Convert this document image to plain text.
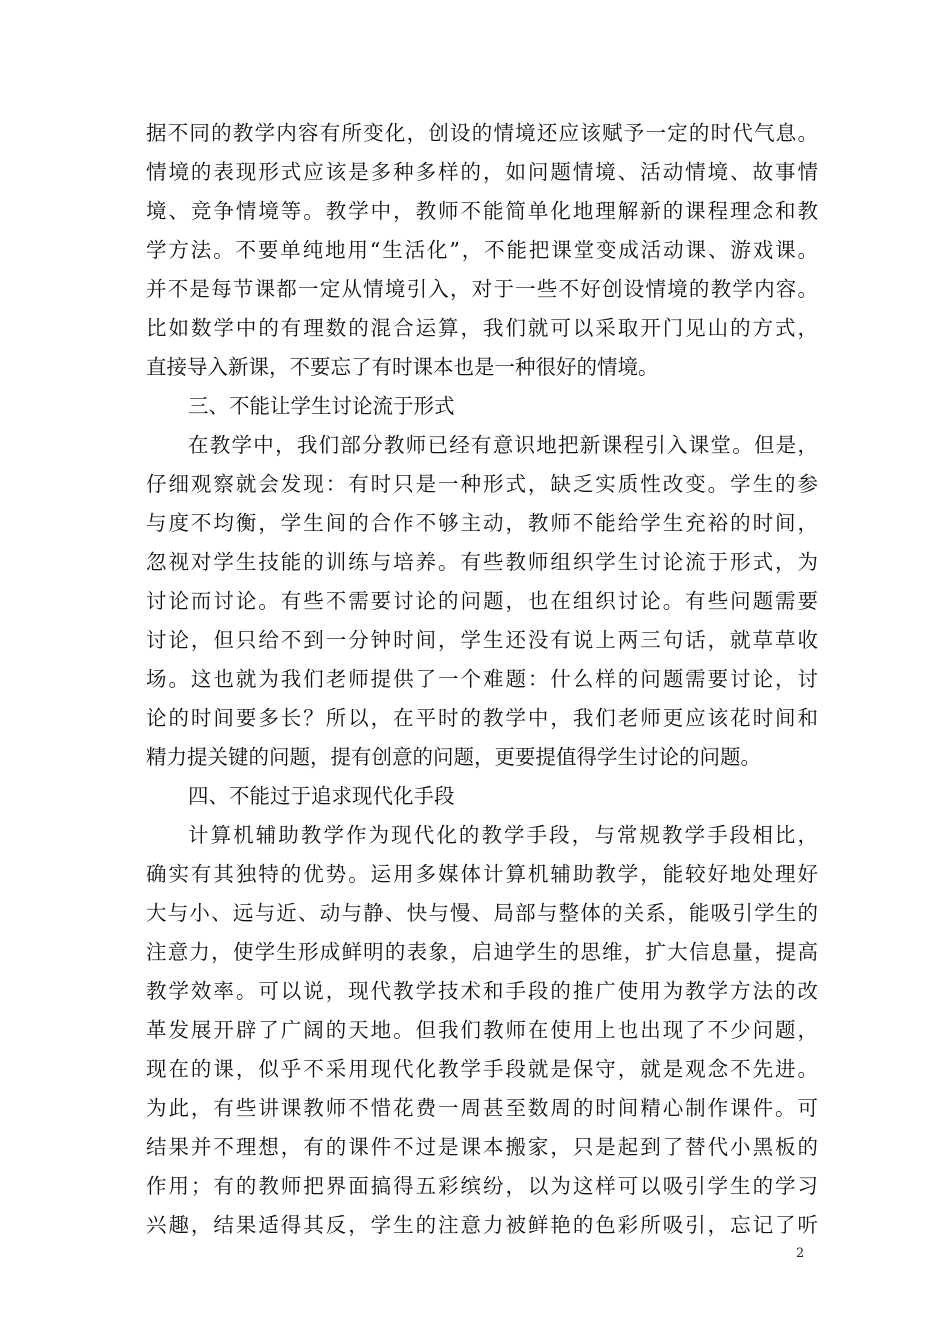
据不同的教学内容有所变化，创设的情境还应该赋予一定的时代气息。
情境的表现形式应该是多种多样的，如问题情境、活动情境、故事情
境、竞争情境等。教学中，教师不能简单化地理解新的课程理念和教
学方法。不要单纯地用“生活化”，不能把课堂变成活动课、游戏课。
并不是每节课都一定从情境引入，对于一些不好创设情境的教学内容。
比如数学中的有理数的混合运算，我们就可以采取开门见山的方式，
直接导入新课，不要忘了有时课本也是一种很好的情境。
三、不能让学生讨论流于形式
在教学中，我们部分教师已经有意识地把新课程引入课堂。但是，
仔细观察就会发现：有时只是一种形式，缺乏实质性改变。学生的参
与度不均衡，学生间的合作不够主动，教师不能给学生充裕的时间，
忽视对学生技能的训练与培养。有些教师组织学生讨论流于形式，为
讨论而讨论。有些不需要讨论的问题，也在组织讨论。有些问题需要
讨论，但只给不到一分钟时间，学生还没有说上两三句话，就草草收
场。这也就为我们老师提供了一个难题：什么样的问题需要讨论，讨
论的时间要多长？所以，在平时的教学中，我们老师更应该花时间和
精力提关键的问题，提有创意的问题，更要提值得学生讨论的问题。
四、不能过于追求现代化手段
计算机辅助教学作为现代化的教学手段，与常规教学手段相比，
确实有其独特的优势。运用多媒体计算机辅助教学，能较好地处理好
大与小、远与近、动与静、快与慢、局部与整体的关系，能吸引学生的
注意力，使学生形成鲜明的表象，启迪学生的思维，扩大信息量，提高
教学效率。可以说，现代教学技术和手段的推广使用为教学方法的改
革发展开辟了广阔的天地。但我们教师在使用上也出现了不少问题，
现在的课，似乎不采用现代化教学手段就是保守，就是观念不先进。
为此，有些讲课教师不惜花费一周甚至数周的时间精心制作课件。可
结果并不理想，有的课件不过是课本搬家，只是起到了替代小黑板的
作用；有的教师把界面搞得五彩缤纷，以为这样可以吸引学生的学习
兴趣，结果适得其反，学生的注意力被鲜艳的色彩所吸引，忘记了听
2
